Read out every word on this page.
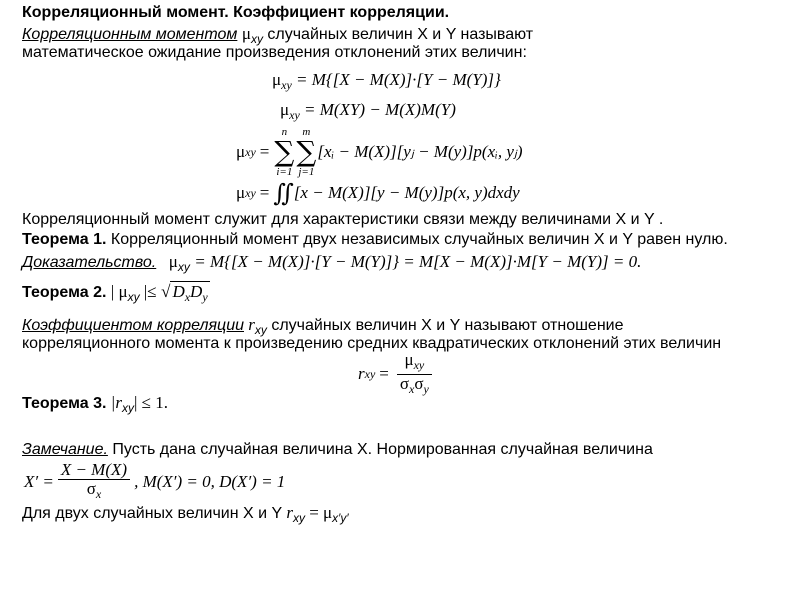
Корреляционный момент. Коэффициент корреляции.
Корреляционным моментом $\mu_{xy}$ случайных величин X и Y называют
математическое ожидание произведения отклонений этих величин:
$\mu_{xy} = M\{[X - M(X)]\cdot[Y - M(Y)]\}$
$\mu_{xy} = M(XY) - M(X)M(Y)$
μ xy =
n
∑
i=1
m
∑
j=1
[xᵢ − M(X)][yⱼ − M(y)]p(xᵢ, yⱼ)
μ xy = ∬ [x − M(X)][y − M(y)]p(x, y)dxdy
Корреляционный момент служит для характеристики связи между величинами X и Y .
Теорема 1. Корреляционный момент двух независимых случайных величин X и Y равен нулю.
Доказательство. $\mu_{xy} = M\{[X - M(X)]\cdot[Y - M(Y)]\} = M[X - M(X)]\cdot M[Y - M(Y)] = 0$.
Теорема 2. | $\mu_{xy}$ |≤ √ $D_xD_y$
Коэффициентом корреляции $r_{xy}$ случайных величин X и Y называют отношение
корреляционного момента к произведению средних квадратических отклонений этих величин
r xy = $\frac{\mu_{xy}}{\sigma_x\sigma_y}$
Теорема 3. $|r_{xy}| \le 1$.
Замечание. Пусть дана случайная величина X. Нормированная случайная величина
$X' = \frac{X - M(X)}{\sigma_x}$ , M(X′) = 0, D(X′) = 1
Для двух случайных величин X и Y $r_{xy} = \mu_{x'y'}$
